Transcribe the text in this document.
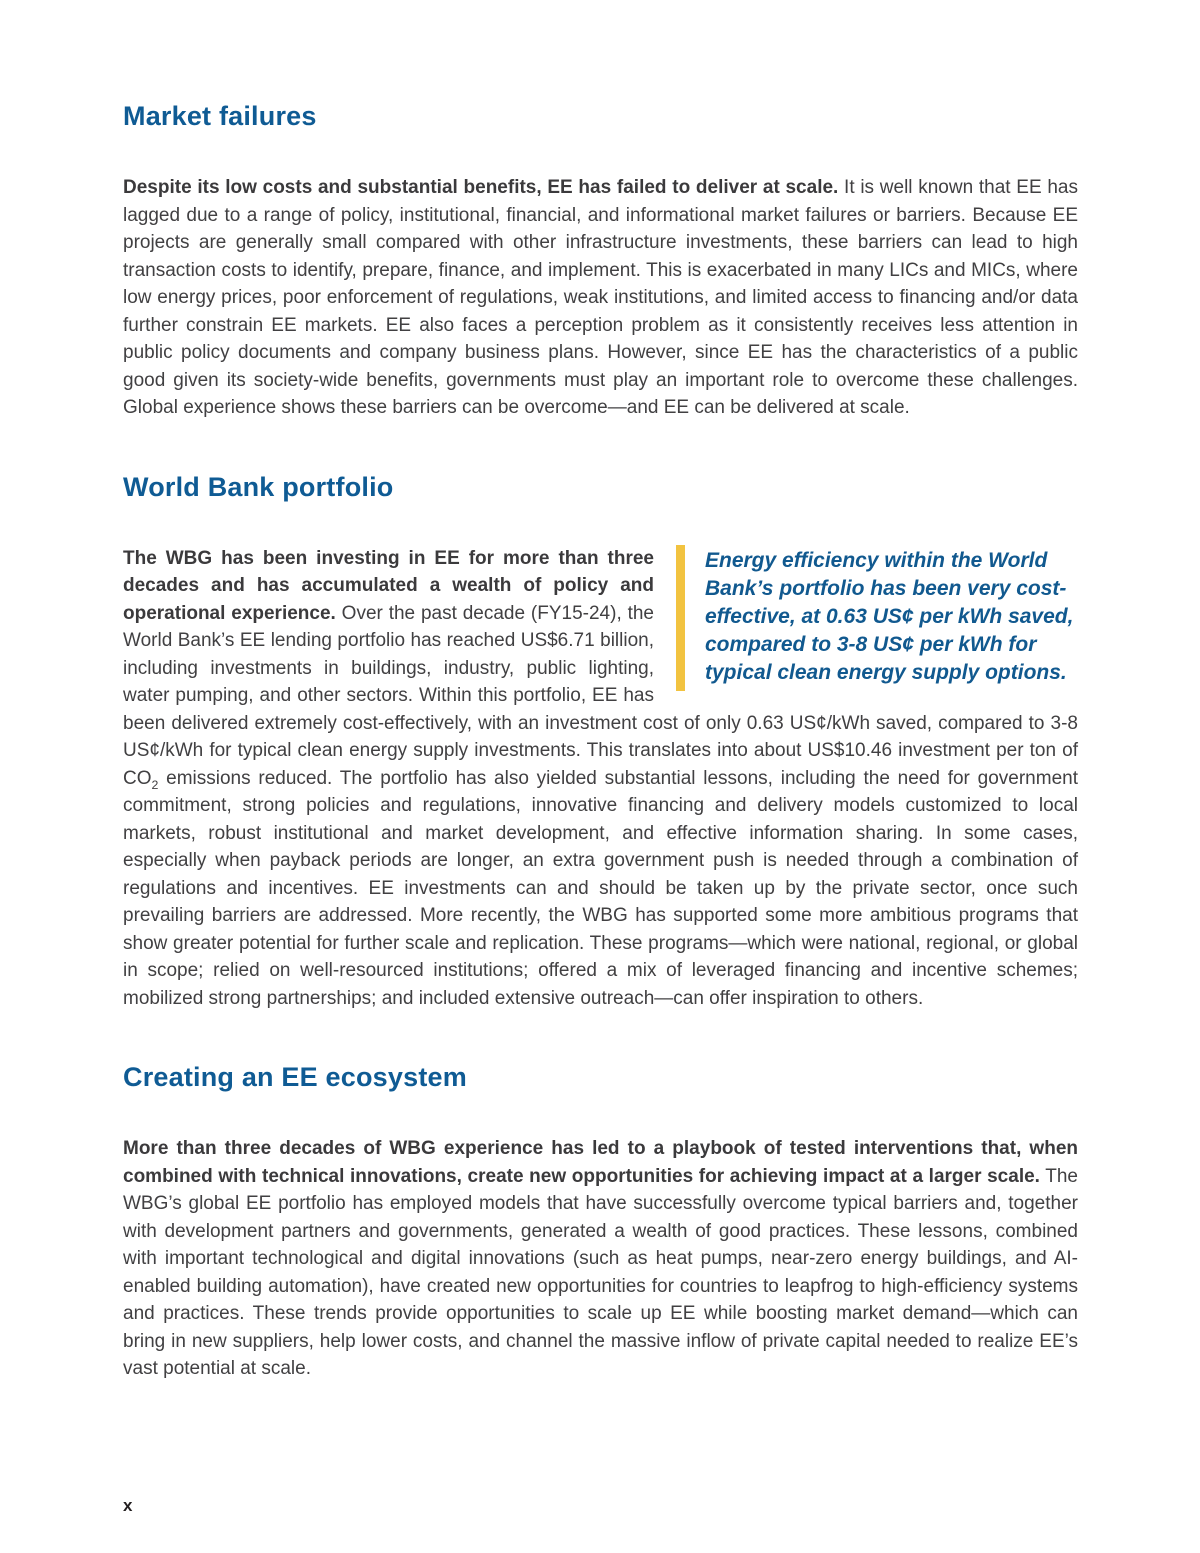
Market failures
Despite its low costs and substantial benefits, EE has failed to deliver at scale. It is well known that EE has lagged due to a range of policy, institutional, financial, and informational market failures or barriers. Because EE projects are generally small compared with other infrastructure investments, these barriers can lead to high transaction costs to identify, prepare, finance, and implement. This is exacerbated in many LICs and MICs, where low energy prices, poor enforcement of regulations, weak institutions, and limited access to financing and/or data further constrain EE markets. EE also faces a perception problem as it consistently receives less attention in public policy documents and company business plans. However, since EE has the characteristics of a public good given its society-wide benefits, governments must play an important role to overcome these challenges. Global experience shows these barriers can be overcome—and EE can be delivered at scale.
World Bank portfolio
Energy efficiency within the World Bank’s portfolio has been very cost-effective, at 0.63 US¢ per kWh saved, compared to 3-8 US¢ per kWh for typical clean energy supply options.
The WBG has been investing in EE for more than three decades and has accumulated a wealth of policy and operational experience. Over the past decade (FY15-24), the World Bank’s EE lending portfolio has reached US$6.71 billion, including investments in buildings, industry, public lighting, water pumping, and other sectors. Within this portfolio, EE has been delivered extremely cost-effectively, with an investment cost of only 0.63 US¢/kWh saved, compared to 3-8 US¢/kWh for typical clean energy supply investments. This translates into about US$10.46 investment per ton of $CO_2$ emissions reduced. The portfolio has also yielded substantial lessons, including the need for government commitment, strong policies and regulations, innovative financing and delivery models customized to local markets, robust institutional and market development, and effective information sharing. In some cases, especially when payback periods are longer, an extra government push is needed through a combination of regulations and incentives. EE investments can and should be taken up by the private sector, once such prevailing barriers are addressed. More recently, the WBG has supported some more ambitious programs that show greater potential for further scale and replication. These programs—which were national, regional, or global in scope; relied on well-resourced institutions; offered a mix of leveraged financing and incentive schemes; mobilized strong partnerships; and included extensive outreach—can offer inspiration to others.
Creating an EE ecosystem
More than three decades of WBG experience has led to a playbook of tested interventions that, when combined with technical innovations, create new opportunities for achieving impact at a larger scale. The WBG’s global EE portfolio has employed models that have successfully overcome typical barriers and, together with development partners and governments, generated a wealth of good practices. These lessons, combined with important technological and digital innovations (such as heat pumps, near-zero energy buildings, and AI-enabled building automation), have created new opportunities for countries to leapfrog to high-efficiency systems and practices. These trends provide opportunities to scale up EE while boosting market demand—which can bring in new suppliers, help lower costs, and channel the massive inflow of private capital needed to realize EE’s vast potential at scale.
x
